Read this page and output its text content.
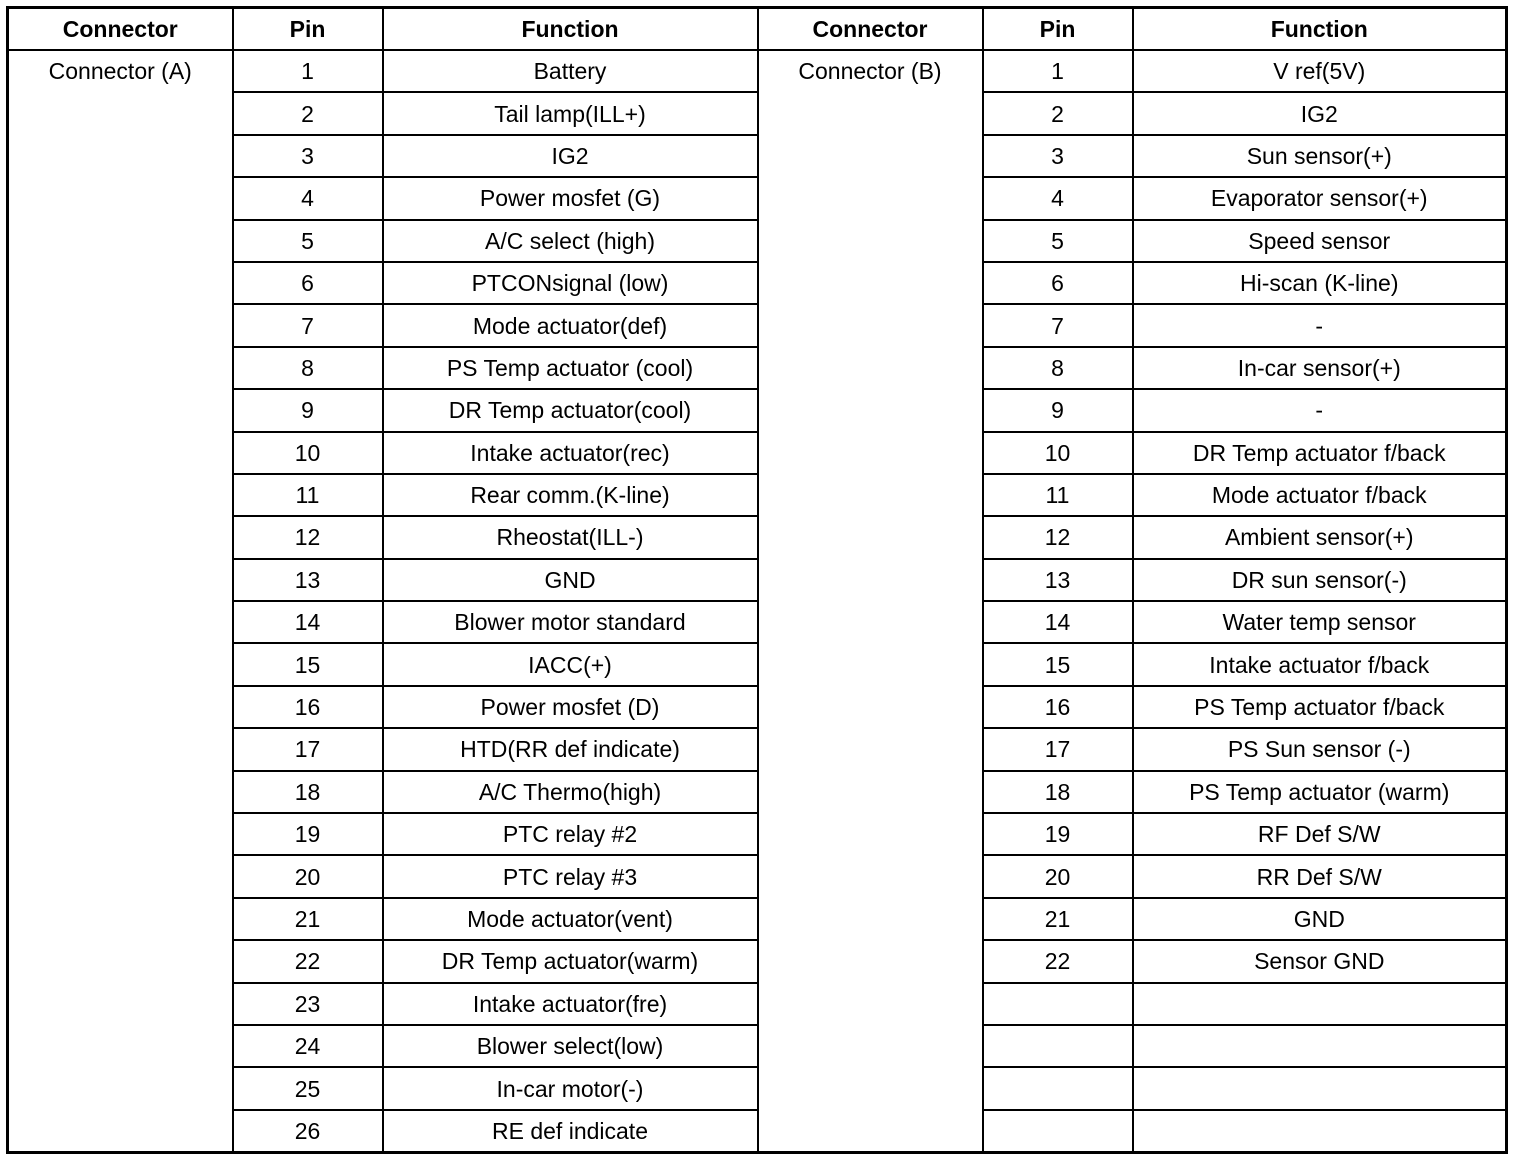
Connector	Pin	Function	Connector	Pin	Function
Connector (A)	1	Battery	Connector (B)	1	V ref(5V)
	2	Tail lamp(ILL+)		2	IG2
	3	IG2		3	Sun sensor(+)
	4	Power mosfet (G)		4	Evaporator sensor(+)
	5	A/C select (high)		5	Speed sensor
	6	PTCONsignal (low)		6	Hi-scan (K-line)
	7	Mode actuator(def)		7	-
	8	PS Temp actuator (cool)		8	In-car sensor(+)
	9	DR Temp actuator(cool)		9	-
	10	Intake actuator(rec)		10	DR Temp actuator f/back
	11	Rear comm.(K-line)		11	Mode actuator f/back
	12	Rheostat(ILL-)		12	Ambient sensor(+)
	13	GND		13	DR sun sensor(-)
	14	Blower motor standard		14	Water temp sensor
	15	IACC(+)		15	Intake actuator f/back
	16	Power mosfet (D)		16	PS Temp actuator f/back
	17	HTD(RR def indicate)		17	PS Sun sensor (-)
	18	A/C Thermo(high)		18	PS Temp actuator (warm)
	19	PTC relay #2		19	RF Def S/W
	20	PTC relay #3		20	RR Def S/W
	21	Mode actuator(vent)		21	GND
	22	DR Temp actuator(warm)		22	Sensor GND
	23	Intake actuator(fre)			
	24	Blower select(low)			
	25	In-car motor(-)			
	26	RE def indicate			
